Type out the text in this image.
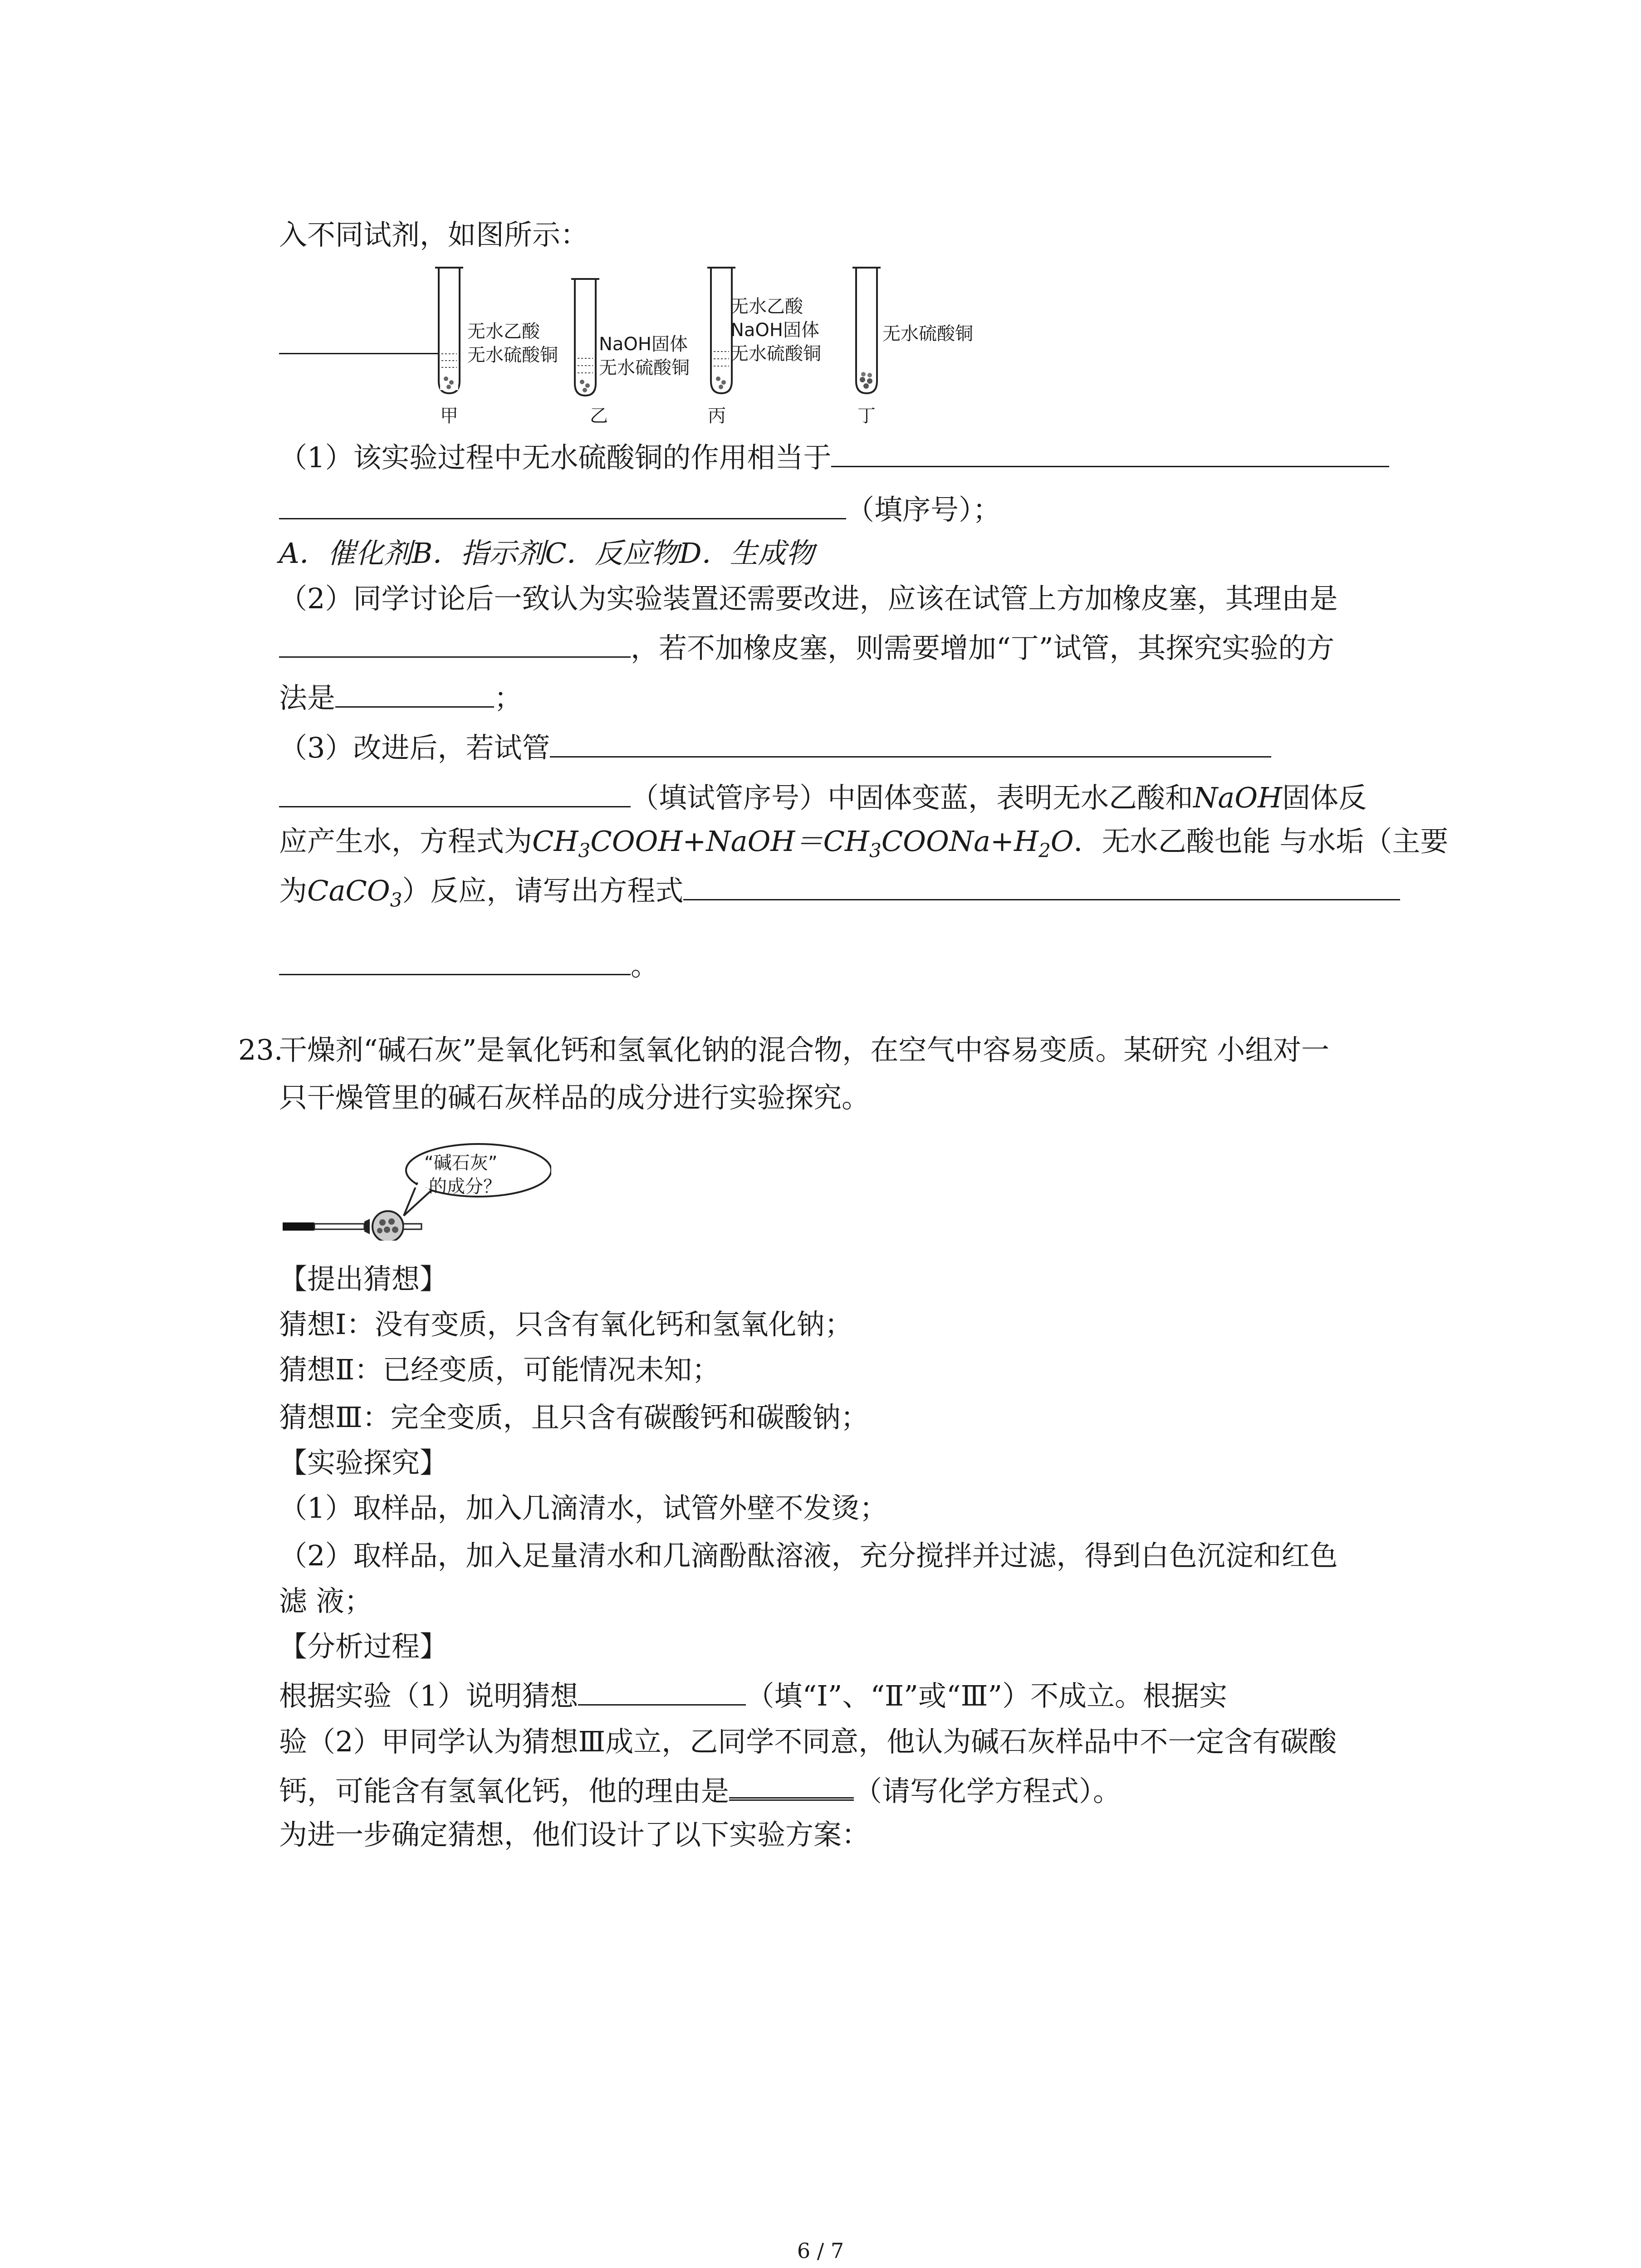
入不同试剂，如图所示：
无水乙酸
无水硫酸铜
甲
NaOH固体
无水硫酸铜
乙
无水乙酸
NaOH固体
无水硫酸铜
丙
无水硫酸铜
丁
（1）该实验过程中无水硫酸铜的作用相当于
（填序号）；
A．催化剂B．指示剂C．反应物D．生成物
（2）同学讨论后一致认为实验装置还需要改进，应该在试管上方加橡皮塞，其理由是
，若不加橡皮塞，则需要增加“丁”试管，其探究实验的方
法是	；
（3）改进后，若试管
（填试管序号）中固体变蓝，表明无水乙酸和NaOH固体反
应产生水，方程式为$CH_3COOH+NaOH=CH_3COONa+H_2O$．无水乙酸也能 与水垢（主要
为CaCO$_3$）反应，请写出方程式
。
23.
干燥剂“碱石灰”是氧化钙和氢氧化钠的混合物，在空气中容易变质。某研究 小组对一
只干燥管里的碱石灰样品的成分进行实验探究。
“碱石灰”
的成分？
【提出猜想】
猜想Ⅰ：没有变质，只含有氧化钙和氢氧化钠；
猜想Ⅱ：已经变质，可能情况未知；
猜想Ⅲ：完全变质，且只含有碳酸钙和碳酸钠；
【实验探究】
（1）取样品，加入几滴清水，试管外壁不发烫；
（2）取样品，加入足量清水和几滴酚酞溶液，充分搅拌并过滤，得到白色沉淀和红色
滤 液；
【分析过程】
根据实验（1）说明猜想	（填“Ⅰ”、“Ⅱ”或“Ⅲ”）不成立。根据实
验（2）甲同学认为猜想Ⅲ成立，乙同学不同意，他认为碱石灰样品中不一定含有碳酸
钙，可能含有氢氧化钙，他的理由是	（请写化学方程式）。
为进一步确定猜想，他们设计了以下实验方案：
6 / 7
